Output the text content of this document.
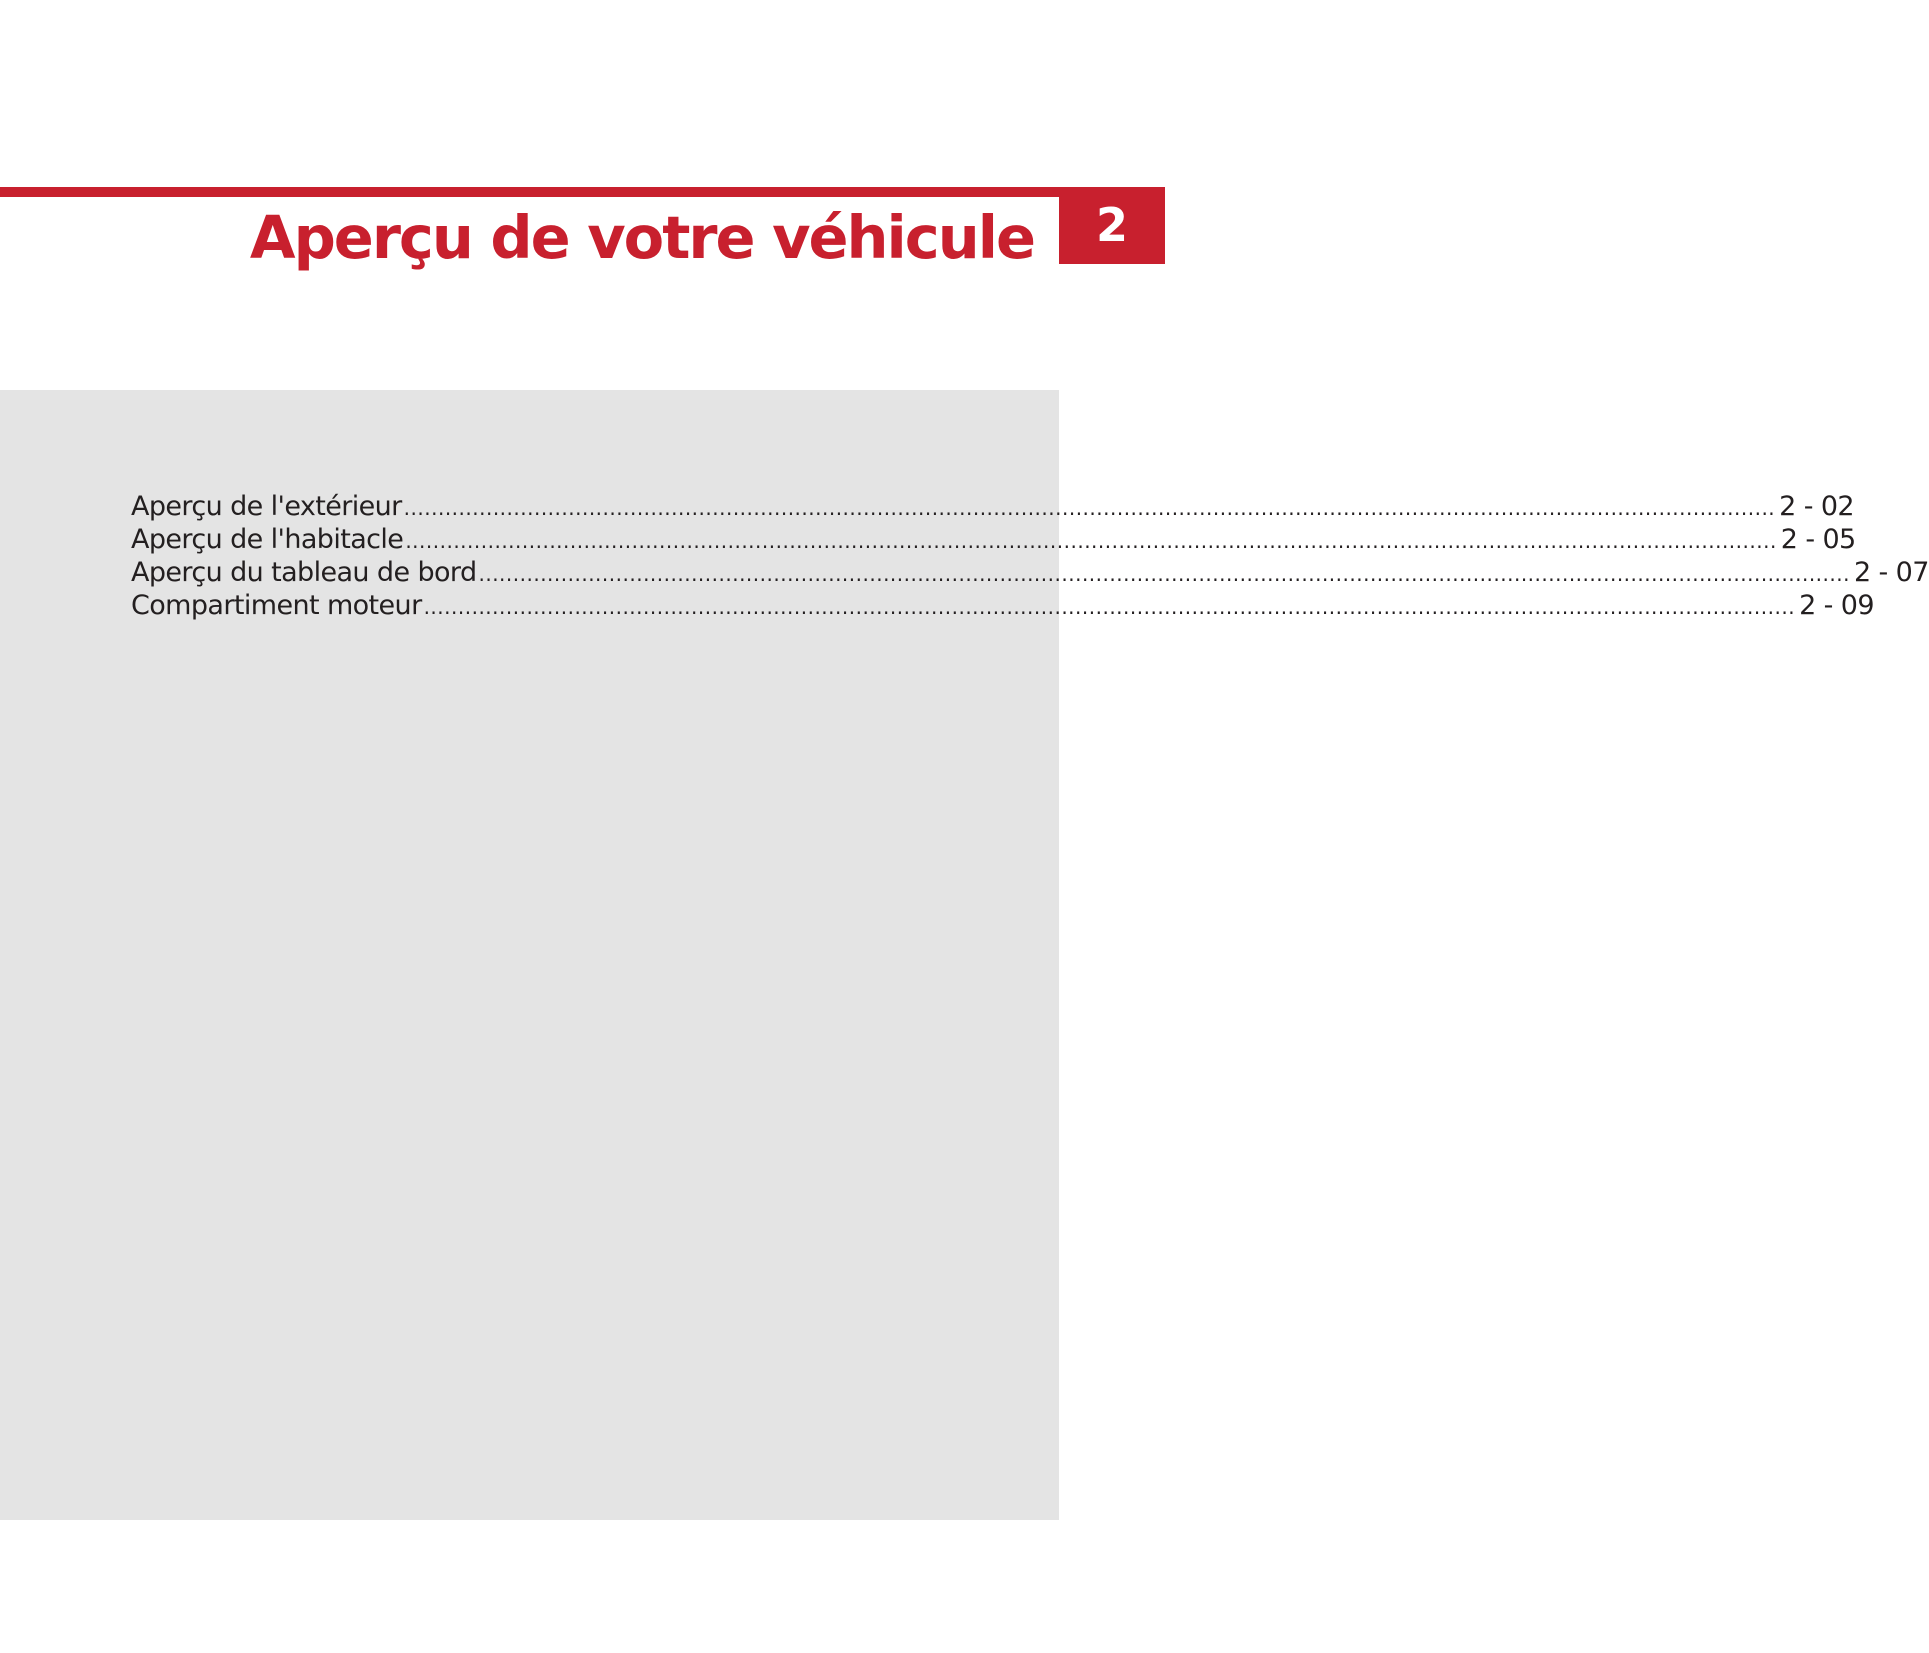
2
Aperçu de votre véhicule
Aperçu de l'extérieur ........................................................................................................................................................................................................ 2 - 02
Aperçu de l'habitacle ........................................................................................................................................................................................................ 2 - 05
Aperçu du tableau de bord ........................................................................................................................................................................................................ 2 - 07
Compartiment moteur ........................................................................................................................................................................................................ 2 - 09
